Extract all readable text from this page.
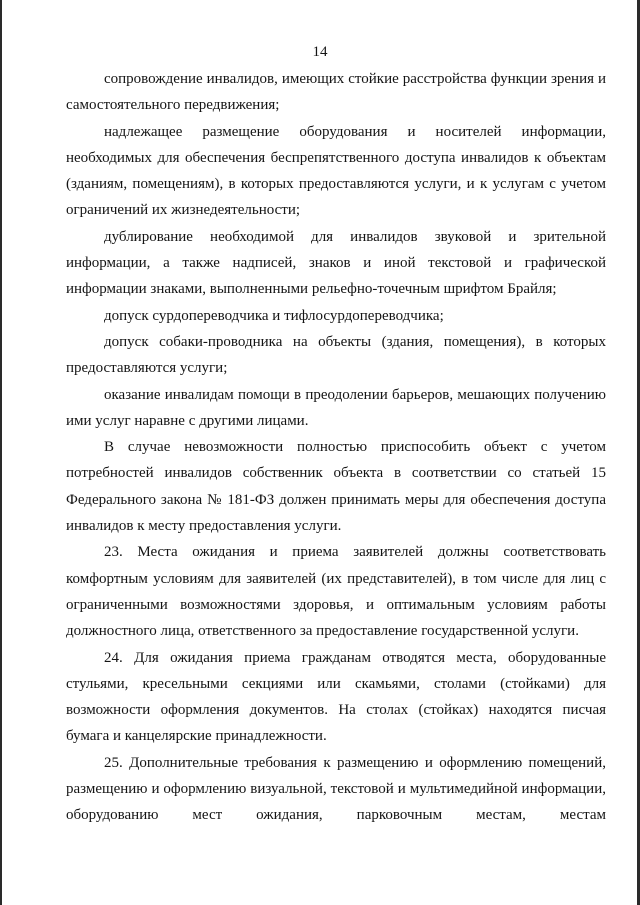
14

сопровождение инвалидов, имеющих стойкие расстройства функции зрения и самостоятельного передвижения;

надлежащее размещение оборудования и носителей информации, необходимых для обеспечения беспрепятственного доступа инвалидов к объектам (зданиям, помещениям), в которых предоставляются услуги, и к услугам с учетом ограничений их жизнедеятельности;

дублирование необходимой для инвалидов звуковой и зрительной информации, а также надписей, знаков и иной текстовой и графической информации знаками, выполненными рельефно-точечным шрифтом Брайля;

допуск сурдопереводчика и тифлосурдопереводчика;

допуск собаки-проводника на объекты (здания, помещения), в которых предоставляются услуги;

оказание инвалидам помощи в преодолении барьеров, мешающих получению ими услуг наравне с другими лицами.

В случае невозможности полностью приспособить объект с учетом потребностей инвалидов собственник объекта в соответствии со статьей 15 Федерального закона № 181-ФЗ должен принимать меры для обеспечения доступа инвалидов к месту предоставления услуги.

23. Места ожидания и приема заявителей должны соответствовать комфортным условиям для заявителей (их представителей), в том числе для лиц с ограниченными возможностями здоровья, и оптимальным условиям работы должностного лица, ответственного за предоставление государственной услуги.

24. Для ожидания приема гражданам отводятся места, оборудованные стульями, кресельными секциями или скамьями, столами (стойками) для возможности оформления документов. На столах (стойках) находятся писчая бумага и канцелярские принадлежности.

25. Дополнительные требования к размещению и оформлению помещений, размещению и оформлению визуальной, текстовой и мультимедийной информации, оборудованию мест ожидания, парковочным местам, местам
